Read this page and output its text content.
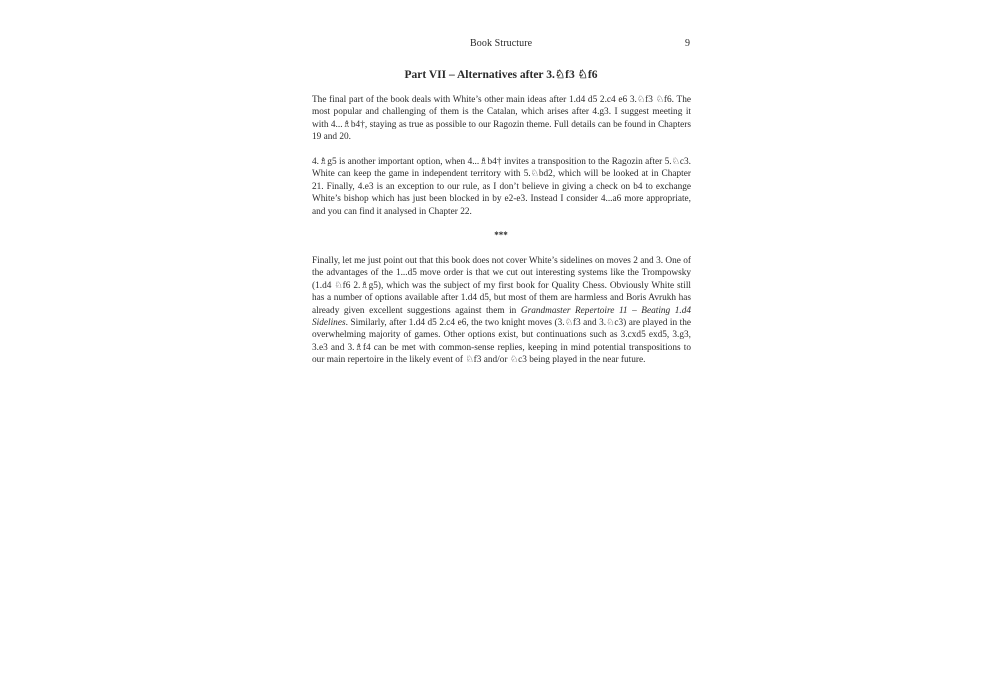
Book Structure	9
Part VII – Alternatives after 3.♘f3 ♘f6

The final part of the book deals with White’s other main ideas after 1.d4 d5 2.c4 e6 3.♘f3 ♘f6. The most popular and challenging of them is the Catalan, which arises after 4.g3. I suggest meeting it with 4...♗b4†, staying as true as possible to our Ragozin theme. Full details can be found in Chapters 19 and 20.

4.♗g5 is another important option, when 4...♗b4† invites a transposition to the Ragozin after 5.♘c3. White can keep the game in independent territory with 5.♘bd2, which will be looked at in Chapter 21. Finally, 4.e3 is an exception to our rule, as I don’t believe in giving a check on b4 to exchange White’s bishop which has just been blocked in by e2-e3. Instead I consider 4...a6 more appropriate, and you can find it analysed in Chapter 22.

***

Finally, let me just point out that this book does not cover White’s sidelines on moves 2 and 3. One of the advantages of the 1...d5 move order is that we cut out interesting systems like the Trompowsky (1.d4 ♘f6 2.♗g5), which was the subject of my first book for Quality Chess. Obviously White still has a number of options available after 1.d4 d5, but most of them are harmless and Boris Avrukh has already given excellent suggestions against them in Grandmaster Repertoire 11 – Beating 1.d4 Sidelines. Similarly, after 1.d4 d5 2.c4 e6, the two knight moves (3.♘f3 and 3.♘c3) are played in the overwhelming majority of games. Other options exist, but continuations such as 3.cxd5 exd5, 3.g3, 3.e3 and 3.♗f4 can be met with common-sense replies, keeping in mind potential transpositions to our main repertoire in the likely event of ♘f3 and/or ♘c3 being played in the near future.
